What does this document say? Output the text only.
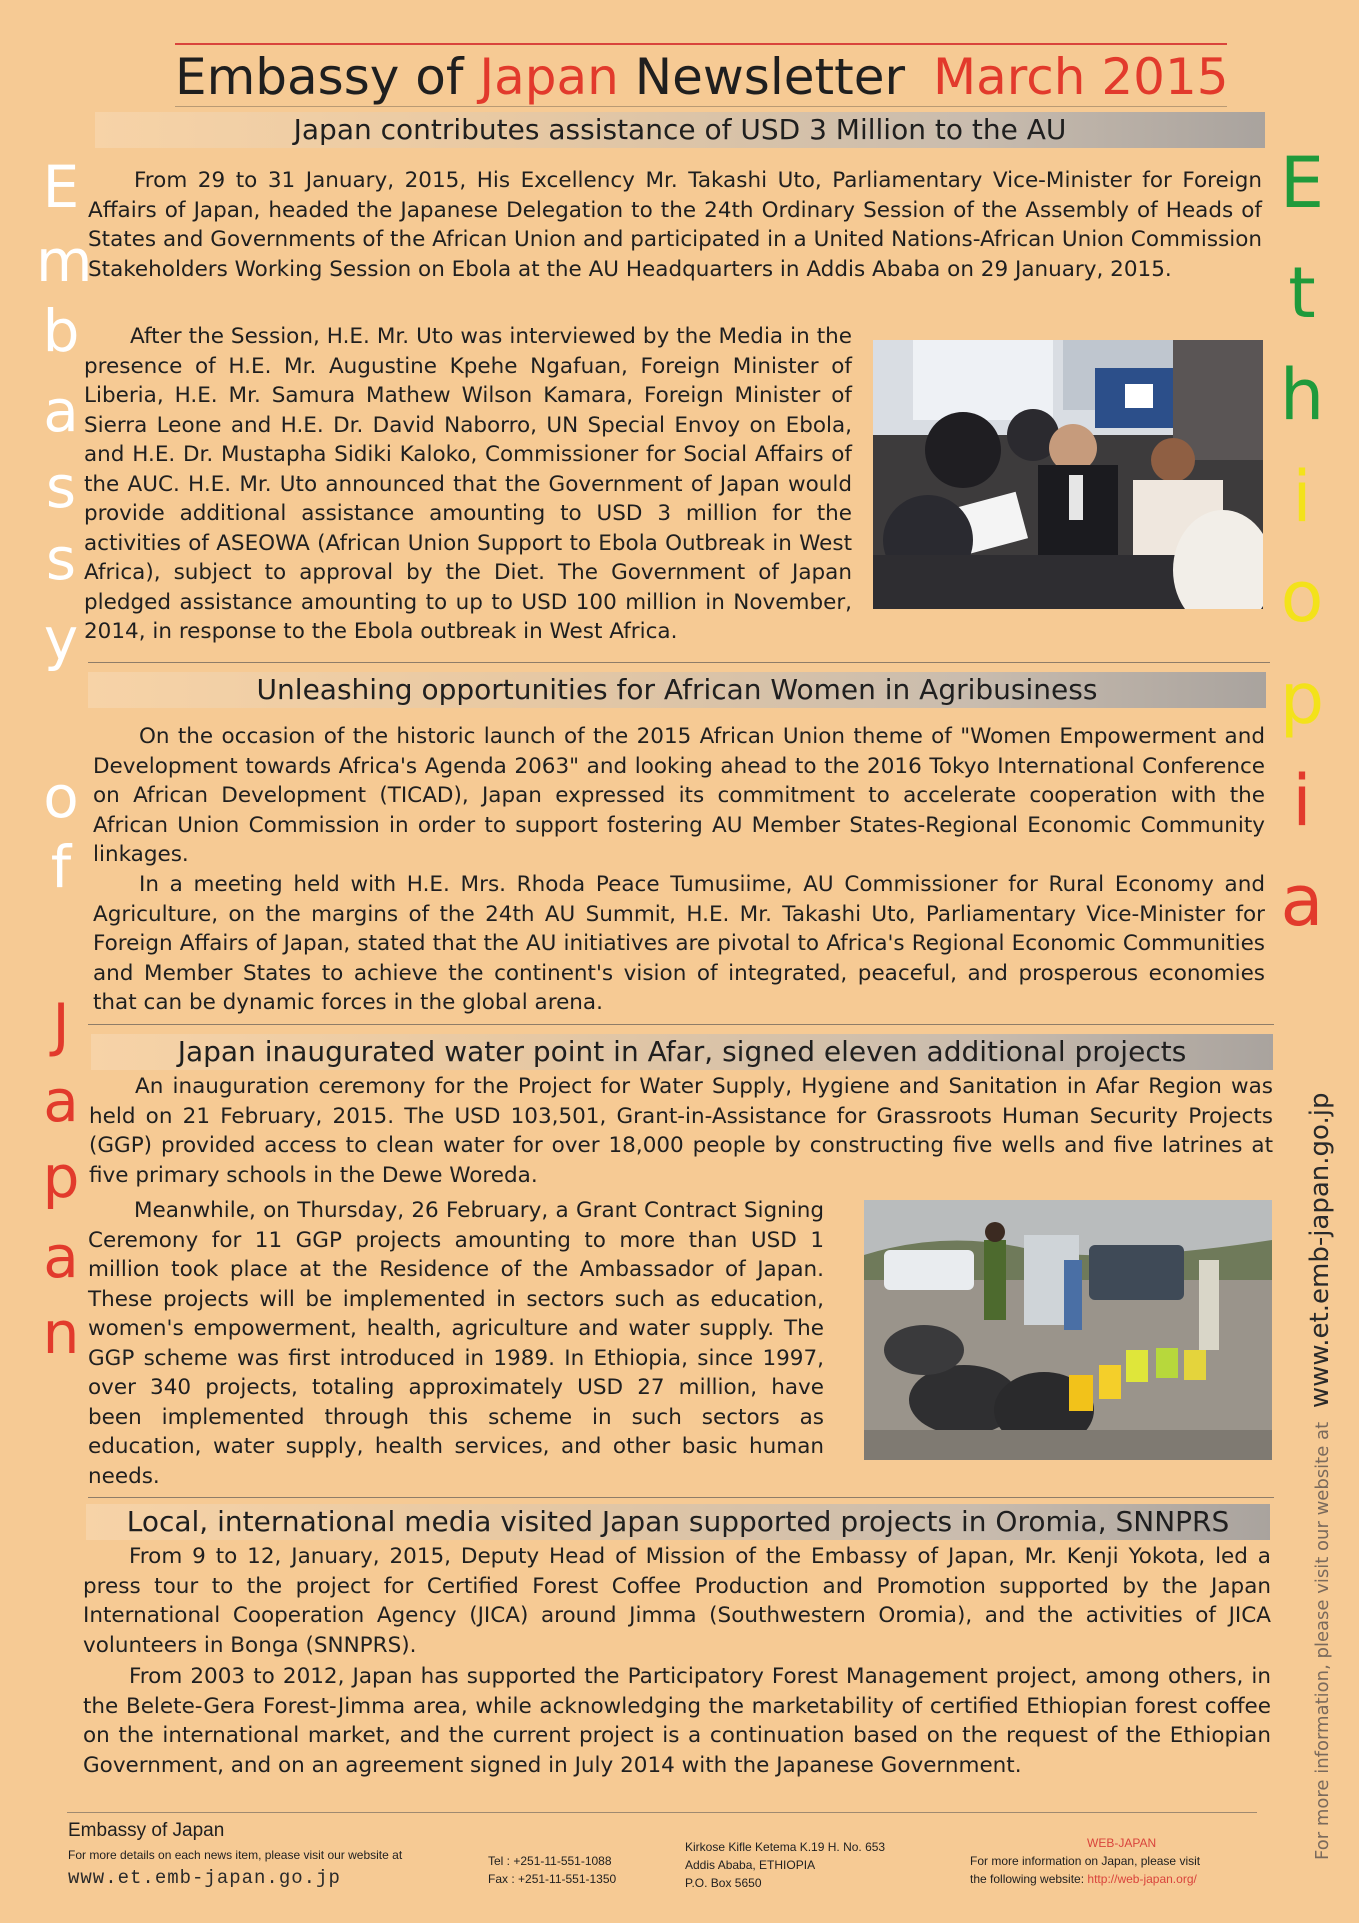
Embassy of Japan Newsletter March 2015
E
m
b
a
s
s
y
o
f
J
a
p
a
n
E
t
h
i
o
p
i
a
Japan contributes assistance of USD 3 Million to the AU

From 29 to 31 January, 2015, His Excellency Mr. Takashi Uto, Parliamentary Vice-Minister for Foreign Affairs of Japan, headed the Japanese Delegation to the 24th Ordinary Session of the Assembly of Heads of States and Governments of the African Union and participated in a United Nations-African Union Commission Stakeholders Working Session on Ebola at the AU Headquarters in Addis Ababa on 29 January, 2015.

After the Session, H.E. Mr. Uto was interviewed by the Media in the presence of H.E. Mr. Augustine Kpehe Ngafuan, Foreign Minister of Liberia, H.E. Mr. Samura Mathew Wilson Kamara, Foreign Minister of Sierra Leone and H.E. Dr. David Naborro, UN Special Envoy on Ebola, and H.E. Dr. Mustapha Sidiki Kaloko, Commissioner for Social Affairs of the AUC. H.E. Mr. Uto announced that the Government of Japan would provide additional assistance amounting to USD 3 million for the activities of ASEOWA (African Union Support to Ebola Outbreak in West Africa), subject to approval by the Diet. The Government of Japan pledged assistance amounting to up to USD 100 million in November, 2014, in response to the Ebola outbreak in West Africa.

Unleashing opportunities for African Women in Agribusiness

On the occasion of the historic launch of the 2015 African Union theme of "Women Empowerment and Development towards Africa's Agenda 2063" and looking ahead to the 2016 Tokyo International Conference on African Development (TICAD), Japan expressed its commitment to accelerate cooperation with the African Union Commission in order to support fostering AU Member States-Regional Economic Community linkages.

In a meeting held with H.E. Mrs. Rhoda Peace Tumusiime, AU Commissioner for Rural Economy and Agriculture, on the margins of the 24th AU Summit, H.E. Mr. Takashi Uto, Parliamentary Vice-Minister for Foreign Affairs of Japan, stated that the AU initiatives are pivotal to Africa's Regional Economic Communities and Member States to achieve the continent's vision of integrated, peaceful, and prosperous economies that can be dynamic forces in the global arena.

Japan inaugurated water point in Afar, signed eleven additional projects

An inauguration ceremony for the Project for Water Supply, Hygiene and Sanitation in Afar Region was held on 21 February, 2015. The USD 103,501, Grant-in-Assistance for Grassroots Human Security Projects (GGP) provided access to clean water for over 18,000 people by constructing five wells and five latrines at five primary schools in the Dewe Woreda.

Meanwhile, on Thursday, 26 February, a Grant Contract Signing Ceremony for 11 GGP projects amounting to more than USD 1 million took place at the Residence of the Ambassador of Japan. These projects will be implemented in sectors such as education, women's empowerment, health, agriculture and water supply. The GGP scheme was first introduced in 1989. In Ethiopia, since 1997, over 340 projects, totaling approximately USD 27 million, have been implemented through this scheme in such sectors as education, water supply, health services, and other basic human needs.

Local, international media visited Japan supported projects in Oromia, SNNPRS

From 9 to 12, January, 2015, Deputy Head of Mission of the Embassy of Japan, Mr. Kenji Yokota, led a press tour to the project for Certified Forest Coffee Production and Promotion supported by the Japan International Cooperation Agency (JICA) around Jimma (Southwestern Oromia), and the activities of JICA volunteers in Bonga (SNNPRS).

From 2003 to 2012, Japan has supported the Participatory Forest Management project, among others, in the Belete-Gera Forest-Jimma area, while acknowledging the marketability of certified Ethiopian forest coffee on the international market, and the current project is a continuation based on the request of the Ethiopian Government, and on an agreement signed in July 2014 with the Japanese Government.	For more information, please visit our website at www.et.emb-japan.go.jp
Embassy of Japan
For more details on each news item, please visit our website at
www.et.emb-japan.go.jp
Tel : +251-11-551-1088
Fax : +251-11-551-1350
Kirkose Kifle Ketema K.19 H. No. 653
Addis Ababa, ETHIOPIA
P.O. Box 5650
WEB-JAPAN
For more information on Japan, please visit
the following website: http://web-japan.org/
